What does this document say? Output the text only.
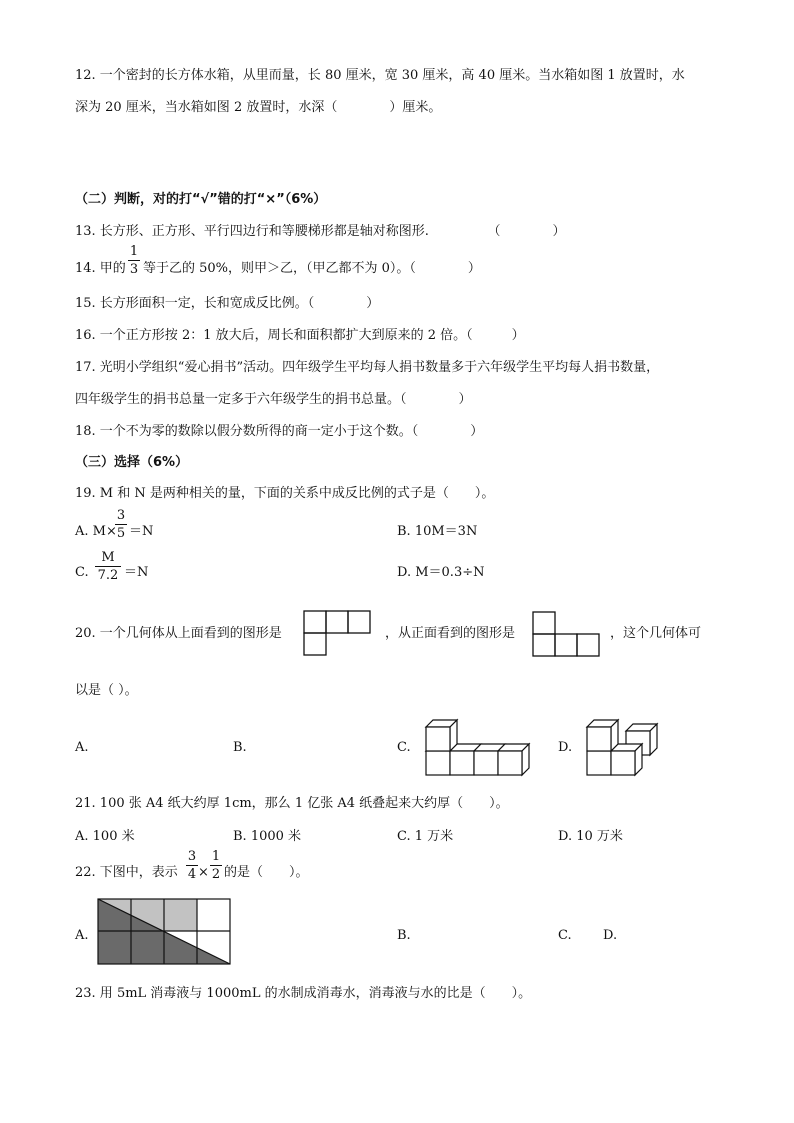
12. 一个密封的长方体水箱，从里而量，长 80 厘米，宽 30 厘米，高 40 厘米。当水箱如图 1 放置时，水
深为 20 厘米，当水箱如图 2 放置时，水深（　　　　）厘米。
（二）判断，对的打“√”错的打“×”（6%）
13. 长方形、正方形、平行四边行和等腰梯形都是轴对称图形.　　　　　（　　　　）
14. 甲的
1
3 等于乙的 50%，则甲＞乙，（甲乙都不为 0）。（　　　　）
15. 长方形面积一定，长和宽成反比例。（　　　　）
16. 一个正方形按 2：1 放大后，周长和面积都扩大到原来的 2 倍。（　　　）
17. 光明小学组织“爱心捐书”活动。四年级学生平均每人捐书数量多于六年级学生平均每人捐书数量，
四年级学生的捐书总量一定多于六年级学生的捐书总量。（　　　　）
18. 一个不为零的数除以假分数所得的商一定小于这个数。（　　　　）
（三）选择（6%）
19. M 和 N 是两种相关的量，下面的关系中成反比例的式子是（　　）。
A. M×
3
5 ＝N	B. 10M＝3N
C.
M
7.2 ＝N	D. M＝0.3÷N
20. 一个几何体从上面看到的图形是	，从正面看到的图形是	，这个几何体可
以是（ ）。
A.	B.	C.	D.
21. 100 张 A4 纸大约厚 1cm，那么 1 亿张 A4 纸叠起来大约厚（　　）。
A. 100 米	B. 1000 米	C. 1 万米	D. 10 万米
22. 下图中，表示
3
4 ×
1
2 的是（　　）。
A.	B.	C. D.
23. 用 5mL 消毒液与 1000mL 的水制成消毒水，消毒液与水的比是（　　）。
